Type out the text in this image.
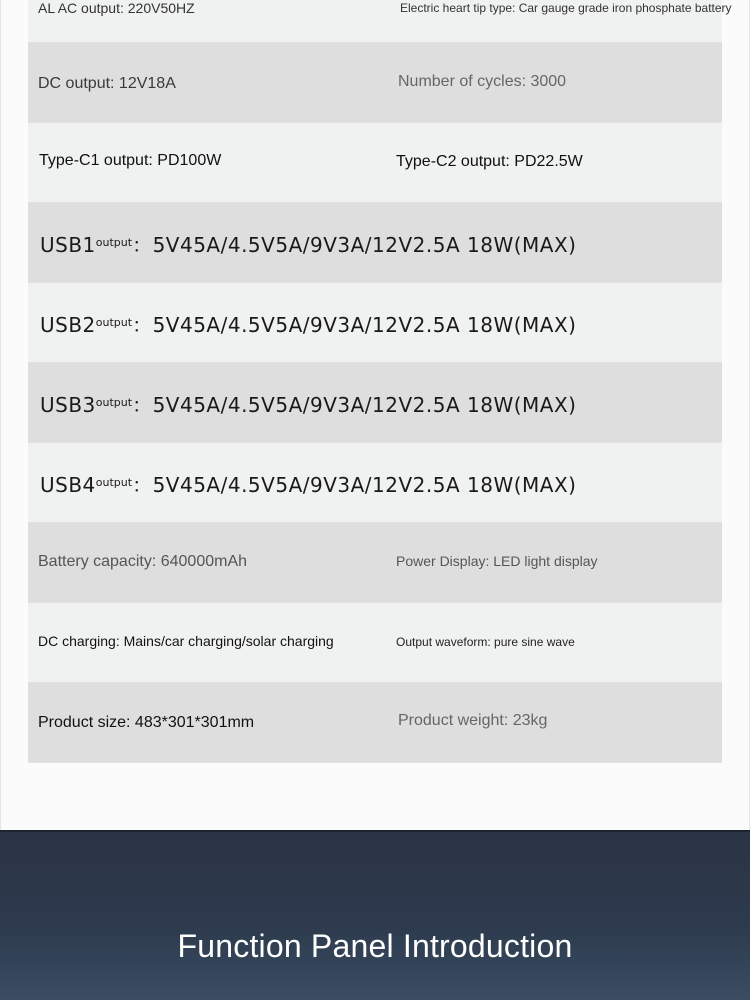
AL AC output: 220V50HZ	Electric heart tip type: Car gauge grade iron phosphate battery
DC output: 12V18A	Number of cycles: 3000
Type-C1 output: PD100W	Type-C2 output: PD22.5W
$USB1^{output}$：5V45A/4.5V5A/9V3A/12V2.5A 18W(MAX)
$USB2^{output}$：5V45A/4.5V5A/9V3A/12V2.5A 18W(MAX)
$USB3^{output}$：5V45A/4.5V5A/9V3A/12V2.5A 18W(MAX)
$USB4^{output}$：5V45A/4.5V5A/9V3A/12V2.5A 18W(MAX)
Battery capacity: 640000mAh	Power Display: LED light display
DC charging: Mains/car charging/solar charging	Output waveform: pure sine wave
Product size: 483*301*301mm	Product weight: 23kg
Function Panel Introduction
